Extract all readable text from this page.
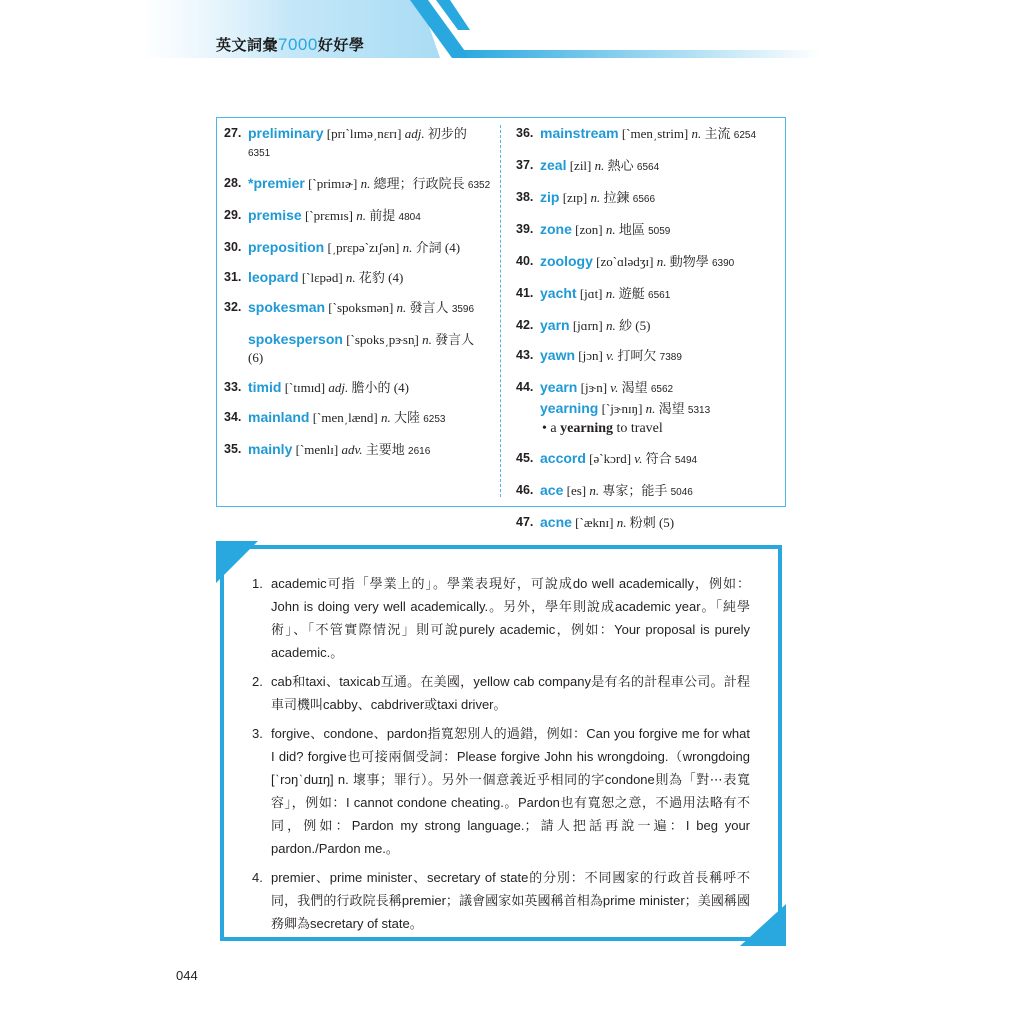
英文詞彙7000好好學
27. preliminary [prɪˋlɪmə͵nɛrɪ] adj. 初步的 6351
28. *premier [ˋprimɪɚ] n. 總理；行政院長 6352
29. premise [ˋprɛmɪs] n. 前提 4804
30. preposition [͵prɛpəˋzɪʃən] n. 介詞 (4)
31. leopard [ˋlɛpəd] n. 花豹 (4)
32. spokesman [ˋspoksmən] n. 發言人 3596
spokesperson [ˋspoks͵pɝsn̩] n. 發言人 (6)
33. timid [ˋtɪmɪd] adj. 膽小的 (4)
34. mainland [ˋmen͵lænd] n. 大陸 6253
35. mainly [ˋmenlɪ] adv. 主要地 2616
36. mainstream [ˋmen͵strim] n. 主流 6254
37. zeal [zil] n. 熱心 6564
38. zip [zɪp] n. 拉鍊 6566
39. zone [zon] n. 地區 5059
40. zoology [zoˋɑlədʒɪ] n. 動物學 6390
41. yacht [jɑt] n. 遊艇 6561
42. yarn [jɑrn] n. 紗 (5)
43. yawn [jɔn] v. 打呵欠 7389
44. yearn [jɝn] v. 渴望 6562
yearning [ˋjɝnɪŋ] n. 渴望 5313
• a yearning to travel
45. accord [əˋkɔrd] v. 符合 5494
46. ace [es] n. 專家；能手 5046
47. acne [ˋæknɪ] n. 粉刺 (5)
1. academic可指「學業上的」。學業表現好，可說成do well academically，例如：John is doing very well academically.。另外，學年則說成academic year。「純學術」、「不管實際情況」則可說purely academic，例如：Your proposal is purely academic.。
2. cab和taxi、taxicab互通。在美國，yellow cab company是有名的計程車公司。計程車司機叫cabby、cabdriver或taxi driver。
3. forgive、condone、pardon指寬恕別人的過錯，例如：Can you forgive me for what I did? forgive也可接兩個受詞：Please forgive John his wrongdoing.（wrongdoing [ˋrɔŋˋduɪŋ] n. 壞事；罪行）。另外一個意義近乎相同的字condone則為「對⋯表寬容」，例如：I cannot condone cheating.。Pardon也有寬恕之意，不過用法略有不同，例如：Pardon my strong language.；請人把話再說一遍：I beg your pardon./Pardon me.。
4. premier、prime minister、secretary of state的分別：不同國家的行政首長稱呼不同，我們的行政院長稱premier；議會國家如英國稱首相為prime minister；美國稱國務卿為secretary of state。
044
